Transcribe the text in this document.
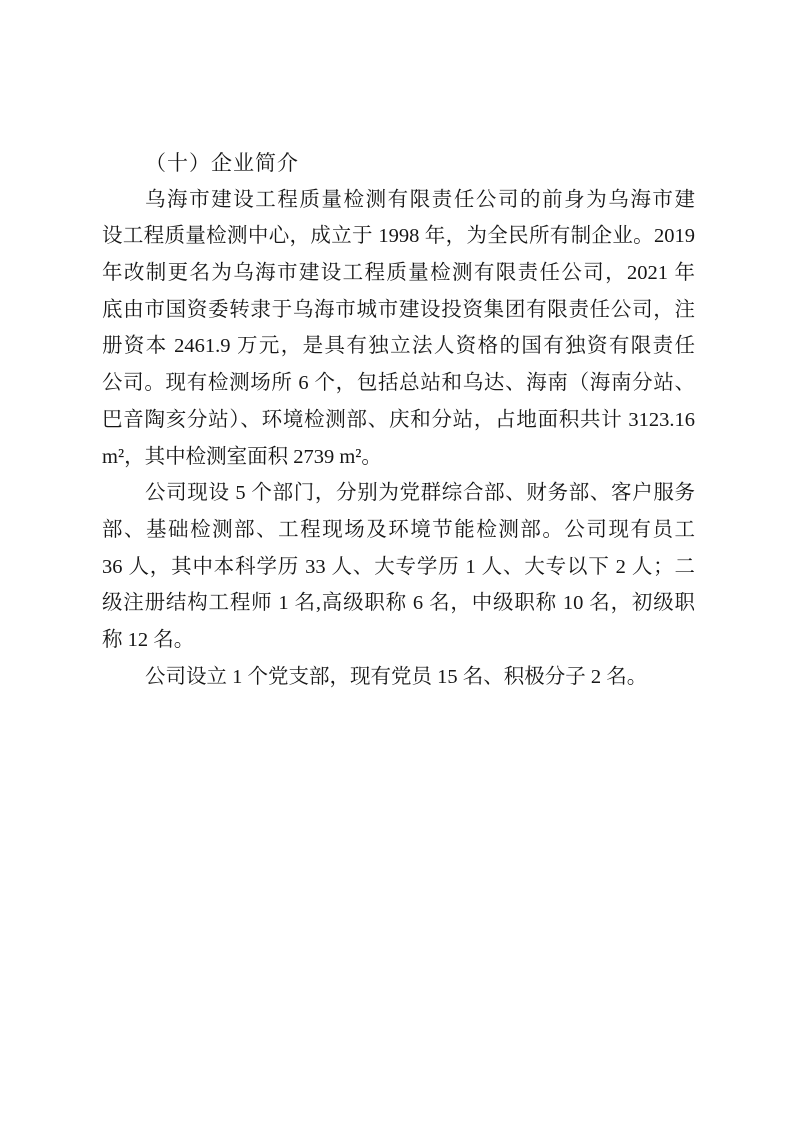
（十）企业简介
乌海市建设工程质量检测有限责任公司的前身为乌海市建
设工程质量检测中心，成立于 1998 年，为全民所有制企业。2019
年改制更名为乌海市建设工程质量检测有限责任公司，2021 年
底由市国资委转隶于乌海市城市建设投资集团有限责任公司，注
册资本 2461.9 万元，是具有独立法人资格的国有独资有限责任
公司。现有检测场所 6 个，包括总站和乌达、海南（海南分站、
巴音陶亥分站）、环境检测部、庆和分站，占地面积共计 3123.16
m²，其中检测室面积 2739 m²。
公司现设 5 个部门，分别为党群综合部、财务部、客户服务
部、基础检测部、工程现场及环境节能检测部。公司现有员工
36 人，其中本科学历 33 人、大专学历 1 人、大专以下 2 人；二
级注册结构工程师 1 名,高级职称 6 名，中级职称 10 名，初级职
称 12 名。
公司设立 1 个党支部，现有党员 15 名、积极分子 2 名。
